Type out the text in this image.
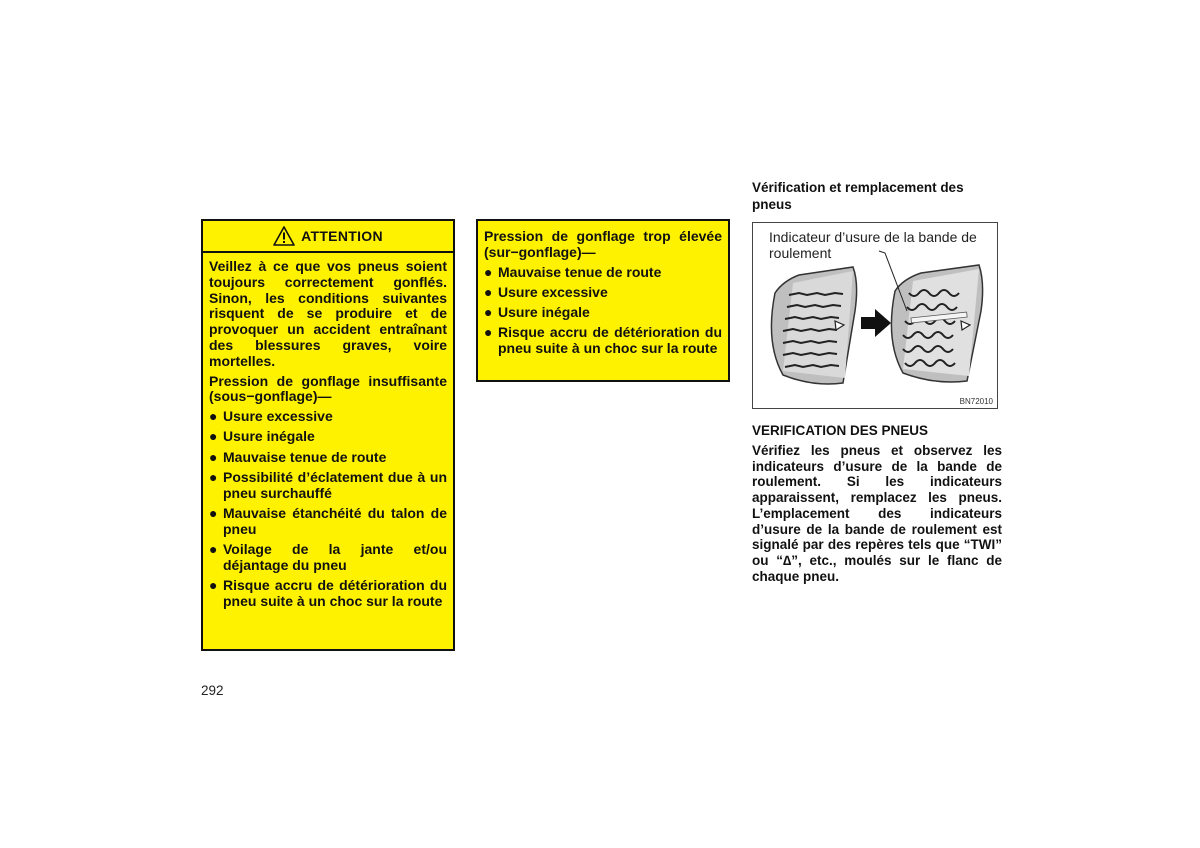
ATTENTION

Veillez à ce que vos pneus soient toujours correctement gonflés. Sinon, les conditions suivantes risquent de se produire et de provoquer un accident entraînant des blessures graves, voire mortelles.

Pression de gonflage insuffisante (sous−gonflage)—

● Usure excessive
● Usure inégale
● Mauvaise tenue de route
● Possibilité d’éclatement due à un pneu surchauffé
● Mauvaise étanchéité du talon de pneu
● Voilage de la jante et/ou déjantage du pneu
● Risque accru de détérioration du pneu suite à un choc sur la route

Pression de gonflage trop élevée (sur−gonflage)—

● Mauvaise tenue de route
● Usure excessive
● Usure inégale
● Risque accru de détérioration du pneu suite à un choc sur la route
Vérification et remplacement des pneus
Indicateur d’usure de la bande de roulement
BN72010
VERIFICATION DES PNEUS
Vérifiez les pneus et observez les indicateurs d’usure de la bande de roulement. Si les indicateurs apparaissent, remplacez les pneus. L’emplacement des indicateurs d’usure de la bande de roulement est signalé par des repères tels que “TWI” ou “∆”, etc., moulés sur le flanc de chaque pneu.
292
